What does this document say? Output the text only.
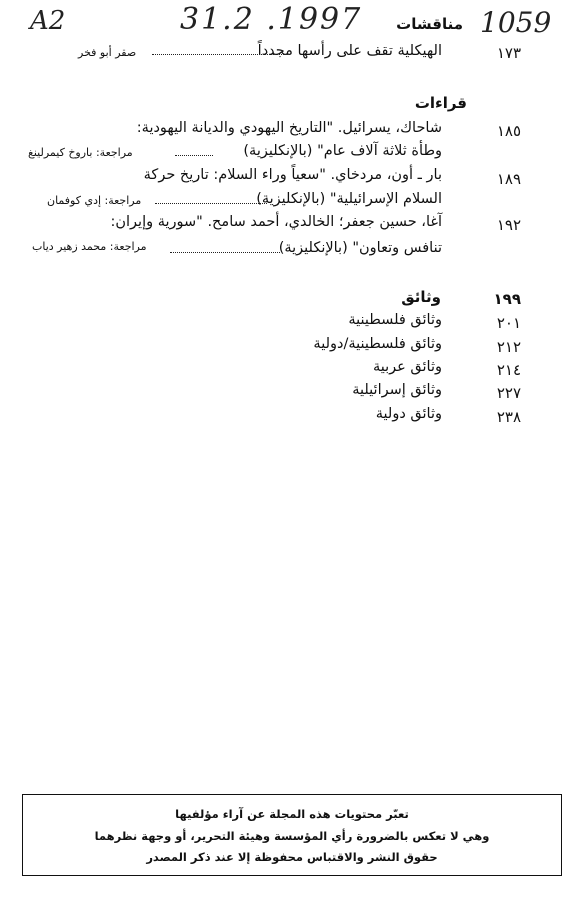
A2	31.2 .1997	1059
مناقشات
١٧٣
الهيكلية تقف على رأسها مجدداً
صقر أبو فخر
قراءات
١٨٥
شاحاك، يسرائيل. "التاريخ اليهودي والديانة اليهودية:
وطأة ثلاثة آلاف عام" (بالإنكليزية)
مراجعة: باروخ كيمرلينغ
١٨٩
بار ـ أون، مردخاي. "سعياً وراء السلام: تاريخ حركة
السلام الإسرائيلية" (بالإنكليزية)
مراجعة: إدي كوفمان
١٩٢
آغا، حسين جعفر؛ الخالدي، أحمد سامح. "سورية وإيران:
تنافس وتعاون" (بالإنكليزية)
مراجعة: محمد زهير دياب
١٩٩
وثائق
٢٠١
وثائق فلسطينية
٢١٢
وثائق فلسطينية/دولية
٢١٤
وثائق عربية
٢٢٧
وثائق إسرائيلية
٢٣٨
وثائق دولية
تعبّر محتويات هذه المجلة عن آراء مؤلفيها
وهي لا تعكس بالضرورة رأي المؤسسة وهيئة التحرير، أو وجهة نظرهما
حقوق النشر والاقتباس محفوظة إلا عند ذكر المصدر
